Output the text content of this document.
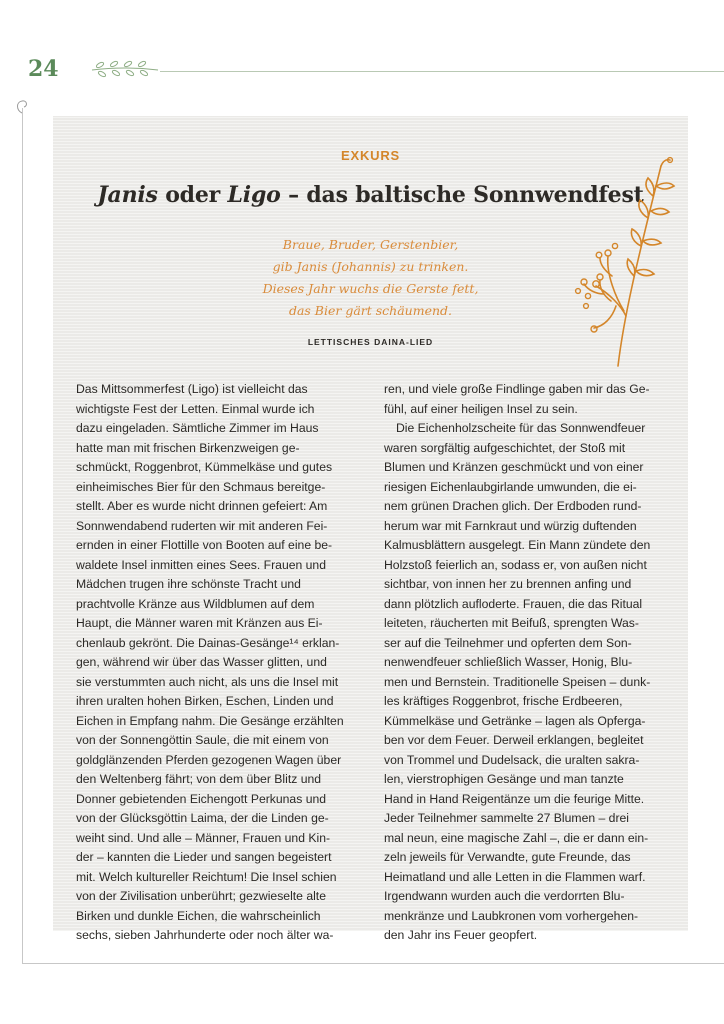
24
EXKURS
Janis oder Ligo – das baltische Sonnwendfest
Braue, Bruder, Gerstenbier,
gib Janis (Johannis) zu trinken.
Dieses Jahr wuchs die Gerste fett,
das Bier gärt schäumend.
LETTISCHES DAINA-LIED
Das Mittsommerfest (Ligo) ist vielleicht das
wichtigste Fest der Letten. Einmal wurde ich
dazu eingeladen. Sämtliche Zimmer im Haus
hatte man mit frischen Birkenzweigen ge-
schmückt, Roggenbrot, Kümmelkäse und gutes
einheimisches Bier für den Schmaus bereitge-
stellt. Aber es wurde nicht drinnen gefeiert: Am
Sonnwendabend ruderten wir mit anderen Fei-
ernden in einer Flottille von Booten auf eine be-
waldete Insel inmitten eines Sees. Frauen und
Mädchen trugen ihre schönste Tracht und
prachtvolle Kränze aus Wildblumen auf dem
Haupt, die Männer waren mit Kränzen aus Ei-
chenlaub gekrönt. Die Dainas-Gesänge¹⁴ erklan-
gen, während wir über das Wasser glitten, und
sie verstummten auch nicht, als uns die Insel mit
ihren uralten hohen Birken, Eschen, Linden und
Eichen in Empfang nahm. Die Gesänge erzählten
von der Sonnengöttin Saule, die mit einem von
goldglänzenden Pferden gezogenen Wagen über
den Weltenberg fährt; von dem über Blitz und
Donner gebietenden Eichengott Perkunas und
von der Glücksgöttin Laima, der die Linden ge-
weiht sind. Und alle – Männer, Frauen und Kin-
der – kannten die Lieder und sangen begeistert
mit. Welch kultureller Reichtum! Die Insel schien
von der Zivilisation unberührt; gezwieselte alte
Birken und dunkle Eichen, die wahrscheinlich
sechs, sieben Jahrhunderte oder noch älter wa-
ren, und viele große Findlinge gaben mir das Ge-
fühl, auf einer heiligen Insel zu sein.
Die Eichenholzscheite für das Sonnwendfeuer
waren sorgfältig aufgeschichtet, der Stoß mit
Blumen und Kränzen geschmückt und von einer
riesigen Eichenlaubgirlande umwunden, die ei-
nem grünen Drachen glich. Der Erdboden rund-
herum war mit Farnkraut und würzig duftenden
Kalmusblättern ausgelegt. Ein Mann zündete den
Holzstoß feierlich an, sodass er, von außen nicht
sichtbar, von innen her zu brennen anfing und
dann plötzlich aufloderte. Frauen, die das Ritual
leiteten, räucherten mit Beifuß, sprengten Was-
ser auf die Teilnehmer und opferten dem Son-
nenwendfeuer schließlich Wasser, Honig, Blu-
men und Bernstein. Traditionelle Speisen – dunk-
les kräftiges Roggenbrot, frische Erdbeeren,
Kümmelkäse und Getränke – lagen als Opferga-
ben vor dem Feuer. Derweil erklangen, begleitet
von Trommel und Dudelsack, die uralten sakra-
len, vierstrophigen Gesänge und man tanzte
Hand in Hand Reigentänze um die feurige Mitte.
Jeder Teilnehmer sammelte 27 Blumen – drei
mal neun, eine magische Zahl –, die er dann ein-
zeln jeweils für Verwandte, gute Freunde, das
Heimatland und alle Letten in die Flammen warf.
Irgendwann wurden auch die verdorrten Blu-
menkränze und Laubkronen vom vorhergehen-
den Jahr ins Feuer geopfert.
